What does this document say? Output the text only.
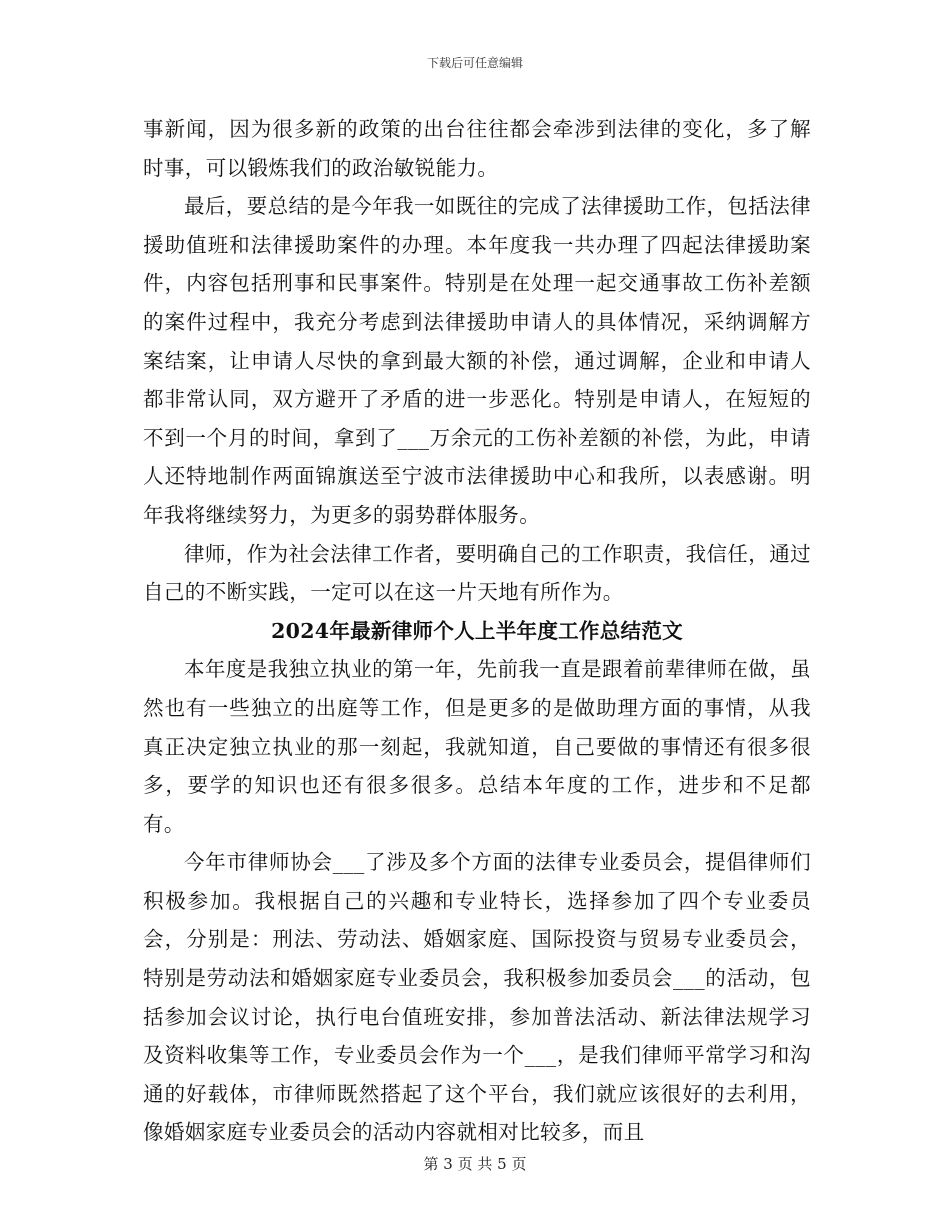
下载后可任意编辑

事新闻，因为很多新的政策的出台往往都会牵涉到法律的变化，多了解时事，可以锻炼我们的政治敏锐能力。

最后，要总结的是今年我一如既往的完成了法律援助工作，包括法律援助值班和法律援助案件的办理。本年度我一共办理了四起法律援助案件，内容包括刑事和民事案件。特别是在处理一起交通事故工伤补差额的案件过程中，我充分考虑到法律援助申请人的具体情况，采纳调解方案结案，让申请人尽快的拿到最大额的补偿，通过调解，企业和申请人都非常认同，双方避开了矛盾的进一步恶化。特别是申请人，在短短的不到一个月的时间，拿到了___万余元的工伤补差额的补偿，为此，申请人还特地制作两面锦旗送至宁波市法律援助中心和我所，以表感谢。明年我将继续努力，为更多的弱势群体服务。

律师，作为社会法律工作者，要明确自己的工作职责，我信任，通过自己的不断实践，一定可以在这一片天地有所作为。

2024年最新律师个人上半年度工作总结范文

本年度是我独立执业的第一年，先前我一直是跟着前辈律师在做，虽然也有一些独立的出庭等工作，但是更多的是做助理方面的事情，从我真正决定独立执业的那一刻起，我就知道，自己要做的事情还有很多很多，要学的知识也还有很多很多。总结本年度的工作，进步和不足都有。

今年市律师协会___了涉及多个方面的法律专业委员会，提倡律师们积极参加。我根据自己的兴趣和专业特长，选择参加了四个专业委员会，分别是：刑法、劳动法、婚姻家庭、国际投资与贸易专业委员会，特别是劳动法和婚姻家庭专业委员会，我积极参加委员会___的活动，包括参加会议讨论，执行电台值班安排，参加普法活动、新法律法规学习及资料收集等工作，专业委员会作为一个___，是我们律师平常学习和沟通的好载体，市律师既然搭起了这个平台，我们就应该很好的去利用，像婚姻家庭专业委员会的活动内容就相对比较多，而且

第 3 页 共 5 页
